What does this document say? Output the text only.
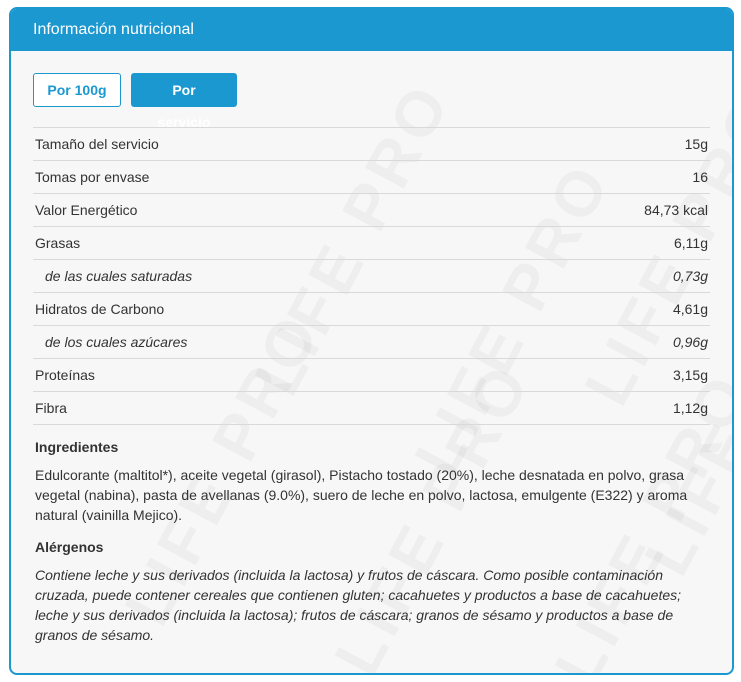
Información nutricional
Por 100g	Por servicio
Tamaño del servicio	15g
Tomas por envase	16
Valor Energético	84,73 kcal
Grasas	6,11g
de las cuales saturadas	0,73g
Hidratos de Carbono	4,61g
de los cuales azúcares	0,96g
Proteínas	3,15g
Fibra	1,12g
Ingredientes

Edulcorante (maltitol*), aceite vegetal (girasol), Pistacho tostado (20%), leche desnatada en polvo, grasa vegetal (nabina), pasta de avellanas (9.0%), suero de leche en polvo, lactosa, emulgente (E322) y aroma natural (vainilla Mejico).

Alérgenos

Contiene leche y sus derivados (incluida la lactosa) y frutos de cáscara. Como posible contaminación cruzada, puede contener cereales que contienen gluten; cacahuetes y productos a base de cacahuetes; leche y sus derivados (incluida la lactosa); frutos de cáscara; granos de sésamo y productos a base de granos de sésamo.
